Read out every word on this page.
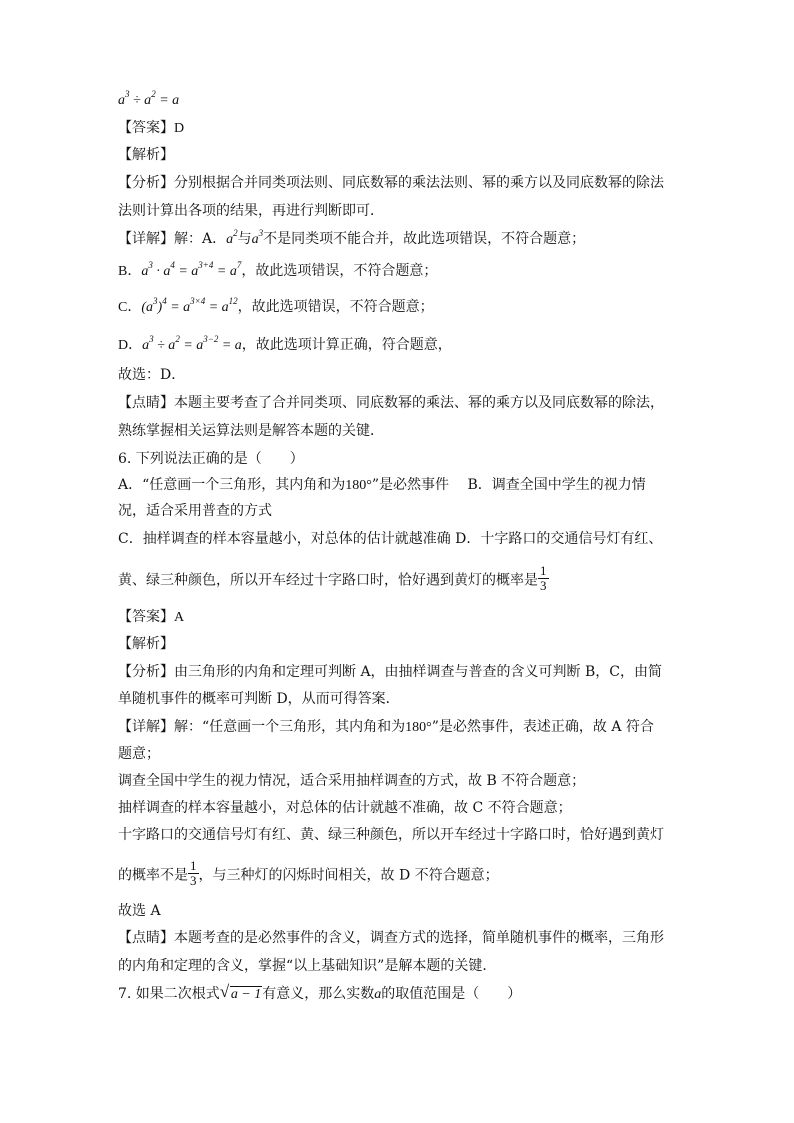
$a^3 \div a^2 = a$
【答案】D
【解析】
【分析】分别根据合并同类项法则、同底数幂的乘法法则、幂的乘方以及同底数幂的除法
法则计算出各项的结果，再进行判断即可．
【详解】解：A．$a^2$与$a^3$不是同类项不能合并，故此选项错误，不符合题意；
B．$a^3 \cdot a^4 = a^{3+4} = a^7$，故此选项错误，不符合题意；
C．$(a^3)^4 = a^{3\times 4} = a^{12}$，故此选项错误，不符合题意；
D．$a^3 \div a^2 = a^{3-2} = a$，故此选项计算正确，符合题意，
故选：D．
【点睛】本题主要考查了合并同类项、同底数幂的乘法、幂的乘方以及同底数幂的除法，
熟练掌握相关运算法则是解答本题的关键．
6. 下列说法正确的是（　　）
A．“任意画一个三角形，其内角和为180°”是必然事件　 B．调查全国中学生的视力情
况，适合采用普查的方式
C．抽样调查的样本容量越小，对总体的估计就越准确 D．十字路口的交通信号灯有红、
黄、绿三种颜色，所以开车经过十字路口时，恰好遇到黄灯的概率是 $\frac{1}{3}$
【答案】A
【解析】
【分析】由三角形的内角和定理可判断 A，由抽样调查与普查的含义可判断 B，C，由简
单随机事件的概率可判断 D，从而可得答案．
【详解】解：“任意画一个三角形，其内角和为180°”是必然事件，表述正确，故 A 符合
题意；
调查全国中学生的视力情况，适合采用抽样调查的方式，故 B 不符合题意；
抽样调查的样本容量越小，对总体的估计就越不准确，故 C 不符合题意；
十字路口的交通信号灯有红、黄、绿三种颜色，所以开车经过十字路口时，恰好遇到黄灯
的概率不是 $\frac{1}{3}$ ，与三种灯的闪烁时间相关，故 D 不符合题意；
故选 A
【点睛】本题考查的是必然事件的含义，调查方式的选择，简单随机事件的概率，三角形
的内角和定理的含义，掌握“以上基础知识”是解本题的关键．
7. 如果二次根式 √ a − 1有意义，那么实数a的取值范围是（　　）
